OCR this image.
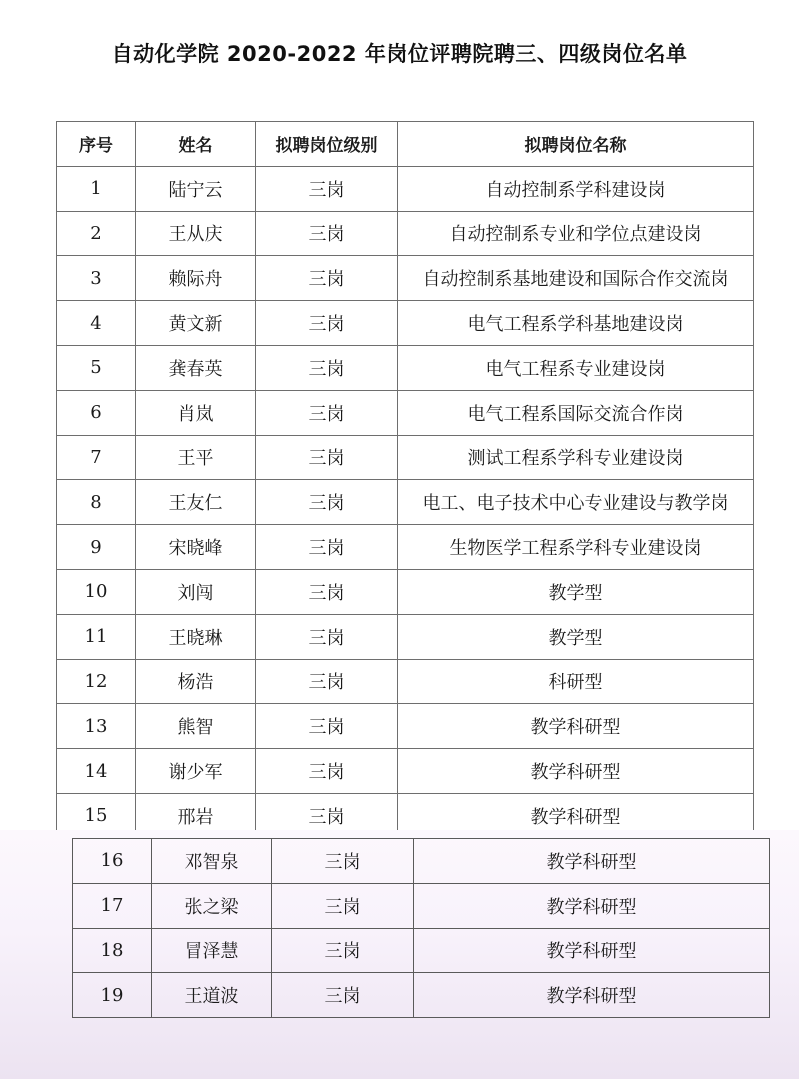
自动化学院 2020-2022 年岗位评聘院聘三、四级岗位名单
序号	姓名	拟聘岗位级别	拟聘岗位名称
1	陆宁云	三岗	自动控制系学科建设岗
2	王从庆	三岗	自动控制系专业和学位点建设岗
3	赖际舟	三岗	自动控制系基地建设和国际合作交流岗
4	黄文新	三岗	电气工程系学科基地建设岗
5	龚春英	三岗	电气工程系专业建设岗
6	肖岚	三岗	电气工程系国际交流合作岗
7	王平	三岗	测试工程系学科专业建设岗
8	王友仁	三岗	电工、电子技术中心专业建设与教学岗
9	宋晓峰	三岗	生物医学工程系学科专业建设岗
10	刘闯	三岗	教学型
11	王晓琳	三岗	教学型
12	杨浩	三岗	科研型
13	熊智	三岗	教学科研型
14	谢少军	三岗	教学科研型
15	邢岩	三岗	教学科研型
16	邓智泉	三岗	教学科研型
17	张之梁	三岗	教学科研型
18	冒泽慧	三岗	教学科研型
19	王道波	三岗	教学科研型
